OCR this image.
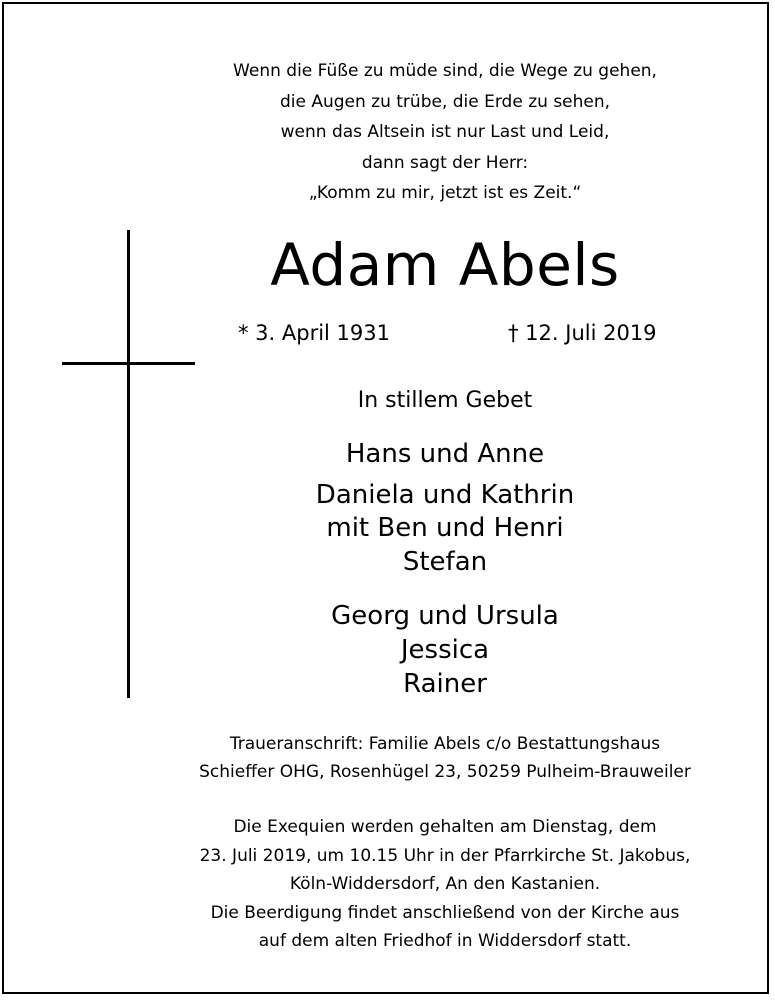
Wenn die Füße zu müde sind, die Wege zu gehen,
die Augen zu trübe, die Erde zu sehen,
wenn das Altsein ist nur Last und Leid,
dann sagt der Herr:
„Komm zu mir, jetzt ist es Zeit.“
Adam Abels
* 3. April 1931	† 12. Juli 2019
In stillem Gebet
Hans und Anne
Daniela und Kathrin
mit Ben und Henri
Stefan
Georg und Ursula
Jessica
Rainer
Traueranschrift: Familie Abels c/o Bestattungshaus
Schieffer OHG, Rosenhügel 23, 50259 Pulheim-Brauweiler
Die Exequien werden gehalten am Dienstag, dem
23. Juli 2019, um 10.15 Uhr in der Pfarrkirche St. Jakobus,
Köln-Widdersdorf, An den Kastanien.
Die Beerdigung findet anschließend von der Kirche aus
auf dem alten Friedhof in Widdersdorf statt.
